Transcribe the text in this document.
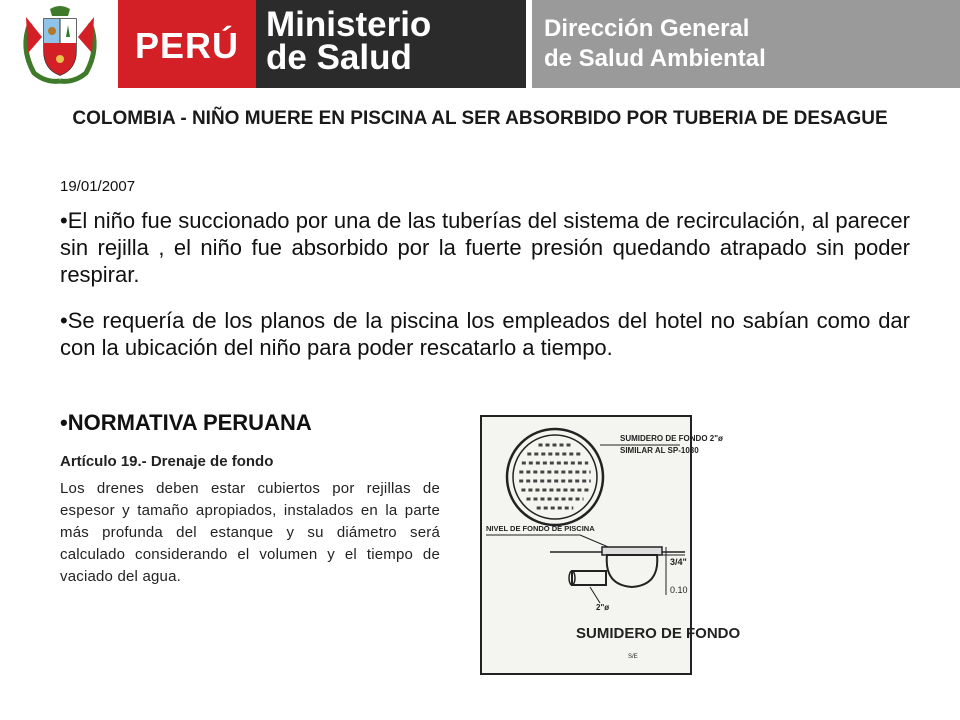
PERÚ
Ministerio
de Salud
Dirección General
de Salud Ambiental
COLOMBIA - NIÑO MUERE EN PISCINA AL SER ABSORBIDO POR TUBERIA DE DESAGUE
19/01/2007
•El niño fue succionado por una de las tuberías del sistema de recirculación, al parecer sin rejilla , el niño fue absorbido por la fuerte presión quedando atrapado sin poder respirar.
•Se requería de los planos de la piscina los empleados del hotel no sabían como dar con la ubicación del niño para poder rescatarlo a tiempo.
•NORMATIVA PERUANA
Artículo 19.- Drenaje de fondo
Los drenes deben estar cubiertos por rejillas de espesor y tamaño apropiados, instalados en la parte más profunda del estanque y su diámetro será calculado considerando el volumen y el tiempo de vaciado del agua.
SUMIDERO DE FONDO 2"ø
SIMILAR AL SP-1030
NIVEL DE FONDO DE PISCINA
3/4"
0.10
2"ø
SUMIDERO DE FONDO
S/E
